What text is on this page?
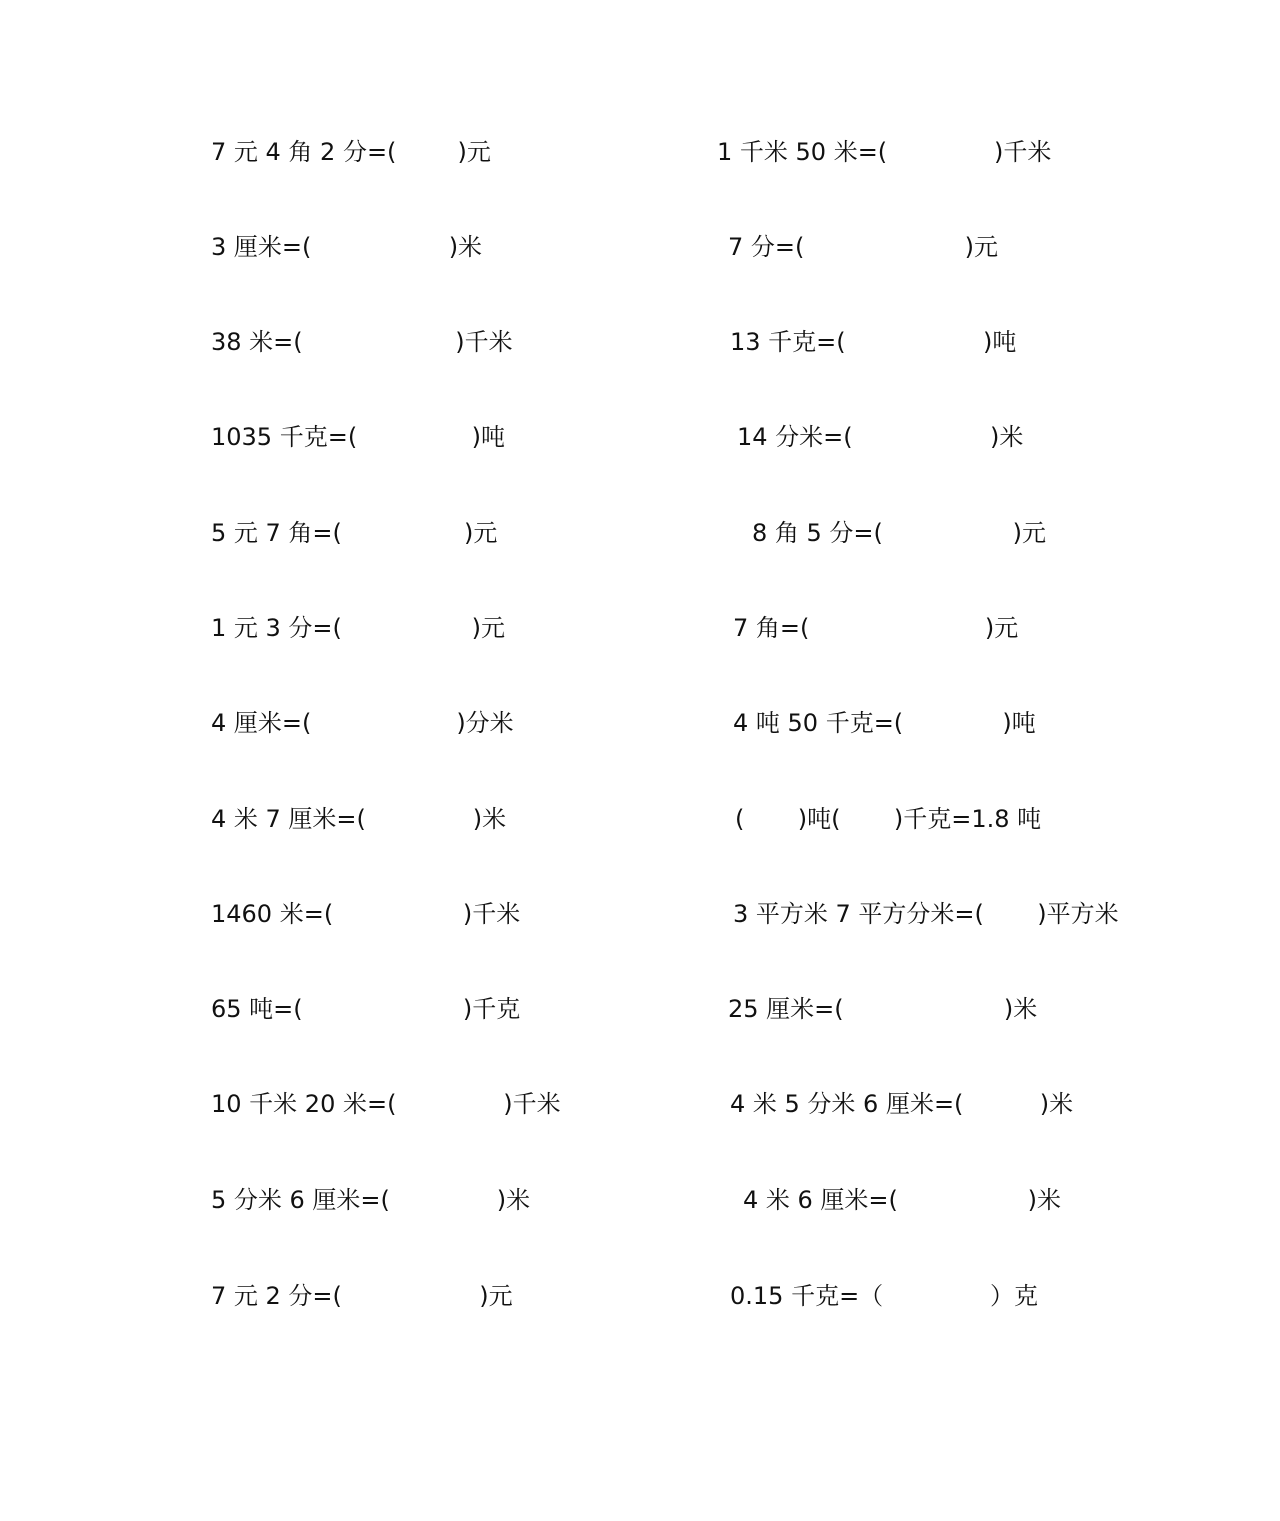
7 元 4 角 2 分=(        )元
3 厘米=(                  )米
38 米=(                    )千米
1035 千克=(               )吨
5 元 7 角=(                )元
1 元 3 分=(                 )元
4 厘米=(                   )分米
4 米 7 厘米=(              )米
1460 米=(                 )千米
65 吨=(                     )千克
10 千米 20 米=(              )千米
5 分米 6 厘米=(              )米
7 元 2 分=(                  )元
1 千米 50 米=(              )千米
7 分=(                     )元
13 千克=(                  )吨
14 分米=(                  )米
8 角 5 分=(                 )元
7 角=(                       )元
4 吨 50 千克=(             )吨
(       )吨(       )千克=1.8 吨
3 平方米 7 平方分米=(       )平方米
25 厘米=(                     )米
4 米 5 分米 6 厘米=(          )米
4 米 6 厘米=(                 )米
0.15 千克=（              ）克
